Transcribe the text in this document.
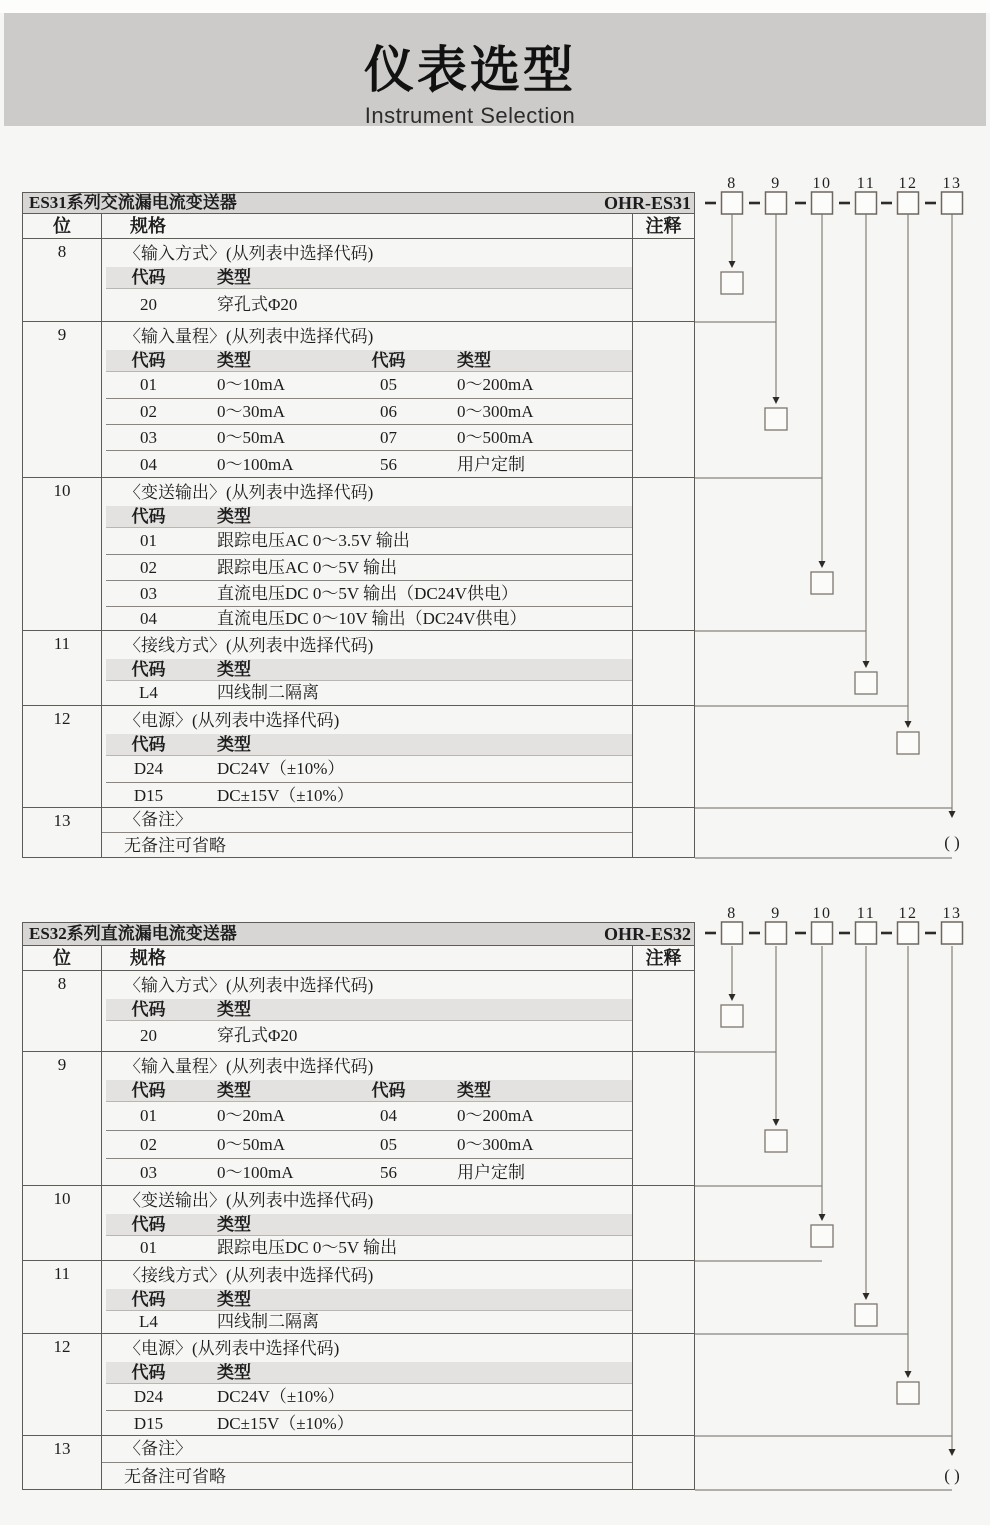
仪表选型
Instrument Selection
ES31系列交流漏电流变送器	OHR-ES31
位	规格	注释
8	〈输入方式〉(从列表中选择代码)
代码	类型
20	穿孔式Φ20
9	〈输入量程〉(从列表中选择代码)
代码	类型	代码	类型
01	0～10mA	05	0～200mA
02	0～30mA	06	0～300mA
03	0～50mA	07	0～500mA
04	0～100mA	56	用户定制
10	〈变送输出〉(从列表中选择代码)
代码	类型
01	跟踪电压AC 0～3.5V 输出
02	跟踪电压AC 0～5V 输出
03	直流电压DC 0～5V 输出（DC24V供电）
04	直流电压DC 0～10V 输出（DC24V供电）
11	〈接线方式〉(从列表中选择代码)
代码	类型
L4	四线制二隔离
12	〈电源〉(从列表中选择代码)
代码	类型
D24	DC24V（±10%）
D15	DC±15V（±10%）
13	〈备注〉
无备注可省略
ES32系列直流漏电流变送器	OHR-ES32
位	规格	注释
8	〈输入方式〉(从列表中选择代码)
代码	类型
20	穿孔式Φ20
9	〈输入量程〉(从列表中选择代码)
代码	类型	代码	类型
01	0～20mA	04	0～200mA
02	0～50mA	05	0～300mA
03	0～100mA	56	用户定制
10	〈变送输出〉(从列表中选择代码)
代码	类型
01	跟踪电压DC 0～5V 输出
11	〈接线方式〉(从列表中选择代码)
代码	类型
L4	四线制二隔离
12	〈电源〉(从列表中选择代码)
代码	类型
D24	DC24V（±10%）
D15	DC±15V（±10%）
13	〈备注〉
无备注可省略
8 9 10 11 12 13
( )
8 9 10 11 12 13
( )
